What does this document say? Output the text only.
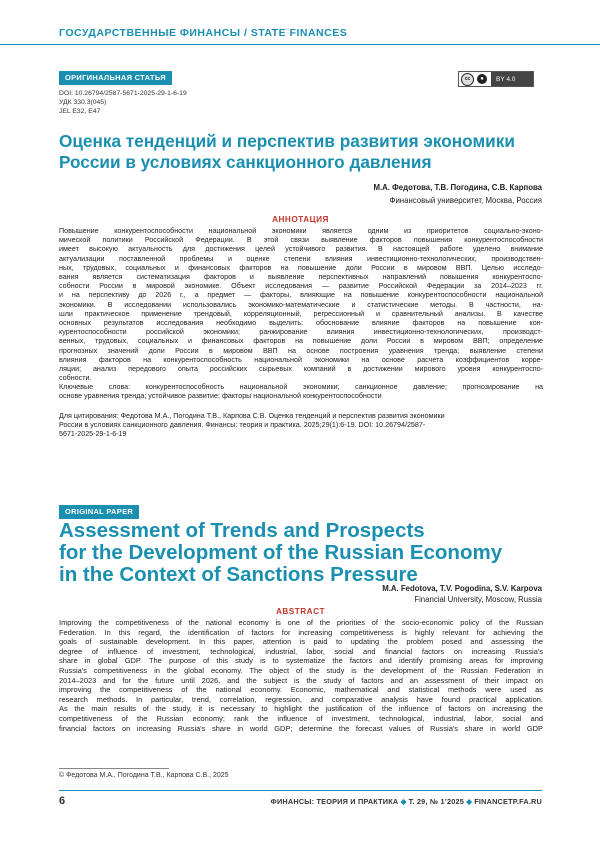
ГОСУДАРСТВЕННЫЕ ФИНАНСЫ / STATE FINANCES
ОРИГИНАЛЬНАЯ СТАТЬЯ
DOI: 10.26794/2587-5671-2025-29-1-6-19
УДК 330.3(045)
JEL E32, E47
cc	●	BY 4.0
Оценка тенденций и перспектив развития экономики России в условиях санкционного давления
М.А. Федотова, Т.В. Погодина, С.В. Карпова
Финансовый университет, Москва, Россия
АННОТАЦИЯ
Повышение конкурентоспособности национальной экономики является одним из приоритетов социально-эконо-
мической политики Российской Федерации. В этой связи выявление факторов повышения конкурентоспособности
имеет высокую актуальность для достижения целей устойчивого развития. В настоящей работе уделено внимание
актуализации поставленной проблемы и оценке степени влияния инвестиционно-технологических, производствен-
ных, трудовых, социальных и финансовых факторов на повышение доли России в мировом ВВП. Целью исследо-
вания является систематизация факторов и выявление перспективных направлений повышения конкурентоспо-
собности России в мировой экономике. Объект исследования — развитие Российской Федерации за 2014–2023 гг.
и на перспективу до 2026 г., а предмет — факторы, влияющие на повышение конкурентоспособности национальной
экономики. В исследовании использовались экономико-математические и статистические методы. В частности, на-
шли практическое применение трендовый, корреляционный, регрессионный и сравнительный анализы. В качестве
основных результатов исследования необходимо выделить: обоснование влияние факторов на повышение кон-
курентоспособности российской экономики; ранжирование влияния инвестиционно-технологических, производст-
венных, трудовых, социальных и финансовых факторов на повышение доли России в мировом ВВП; определение
прогнозных значений доли России в мировом ВВП на основе построения уравнения тренда; выявление степени
влияния факторов на конкурентоспособность национальной экономики на основе расчета коэффициентов корре-
ляции; анализ передового опыта российских сырьевых компаний в достижении мирового уровня конкурентоспо-
собности.
Ключевые слова: конкурентоспособность национальной экономики; санкционное давление; прогнозирование на
основе уравнения тренда; устойчивое развитие; факторы национальной конкурентоспособности
Для цитирования: Федотова М.А., Погодина Т.В., Карпова С.В. Оценка тенденций и перспектив развития экономики
России в условиях санкционного давления. Финансы: теория и практика. 2025;29(1):6-19. DOI: 10.26794/2587-
5671-2025-29-1-6-19
ORIGINAL PAPER
Assessment of Trends and Prospects
for the Development of the Russian Economy
in the Context of Sanctions Pressure
M.A. Fedotova, T.V. Pogodina, S.V. Karpova
Financial University, Moscow, Russia
ABSTRACT
Improving the competitiveness of the national economy is one of the priorities of the socio-economic policy of the Russian
Federation. In this regard, the identification of factors for increasing competitiveness is highly relevant for achieving the
goals of sustainable development. In this paper, attention is paid to updating the problem posed and assessing the
degree of influence of investment, technological, industrial, labor, social and financial factors on increasing Russia's
share in global GDP. The purpose of this study is to systematize the factors and identify promising areas for improving
Russia's competitiveness in the global economy. The object of the study is the development of the Russian Federation in
2014–2023 and for the future until 2026, and the subject is the study of factors and an assessment of their impact on
improving the competitiveness of the national economy. Economic, mathematical and statistical methods were used as
research methods. In particular, trend, correlation, regression, and comparative analysis have found practical application.
As the main results of the study, it is necessary to highlight the justification of the influence of factors on increasing the
competitiveness of the Russian economy; rank the influence of investment, technological, industrial, labor, social and
financial factors on increasing Russia's share in world GDP; determine the forecast values of Russia's share in world GDP
© Федотова М.А., Погодина Т.В., Карпова С.В., 2025
6	ФИНАНСЫ: ТЕОРИЯ И ПРАКТИКА ◆ Т. 29, № 1’2025 ◆ FINANCETP.FA.RU
